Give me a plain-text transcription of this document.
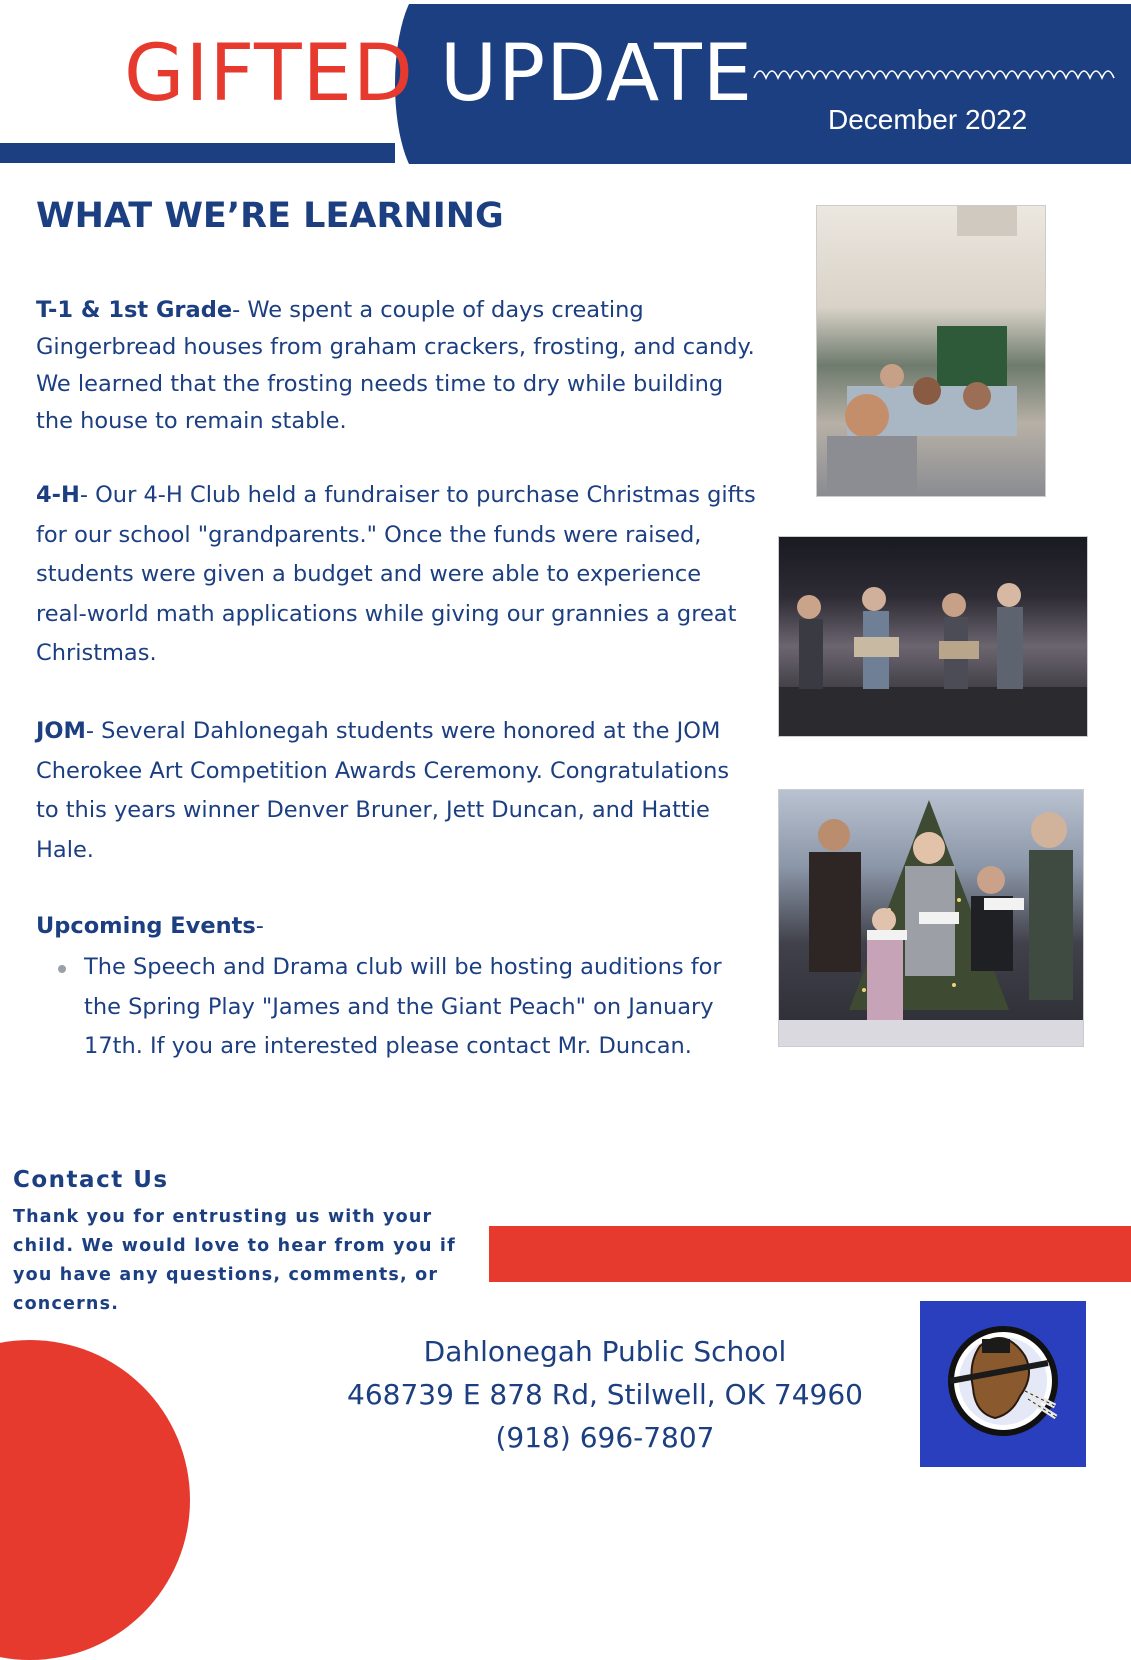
GIFTED UPDATE
December 2022
WHAT WE’RE LEARNING
T-1 & 1st Grade- We spent a couple of days creating Gingerbread houses from graham crackers, frosting, and candy. We learned that the frosting needs time to dry while building the house to remain stable.
4-H- Our 4-H Club held a fundraiser to purchase Christmas gifts for our school "grandparents." Once the funds were raised, students were given a budget and were able to experience real-world math applications while giving our grannies a great Christmas.
JOM- Several Dahlonegah students were honored at the JOM Cherokee Art Competition Awards Ceremony. Congratulations to this years winner Denver Bruner, Jett Duncan, and Hattie Hale.
Upcoming Events-
The Speech and Drama club will be hosting auditions for the Spring Play "James and the Giant Peach" on January 17th. If you are interested please contact Mr. Duncan.
Contact Us
Thank you for entrusting us with your child. We would love to hear from you if you have any questions, comments, or concerns.
Dahlonegah Public School
468739 E 878 Rd, Stilwell, OK 74960
(918) 696-7807
